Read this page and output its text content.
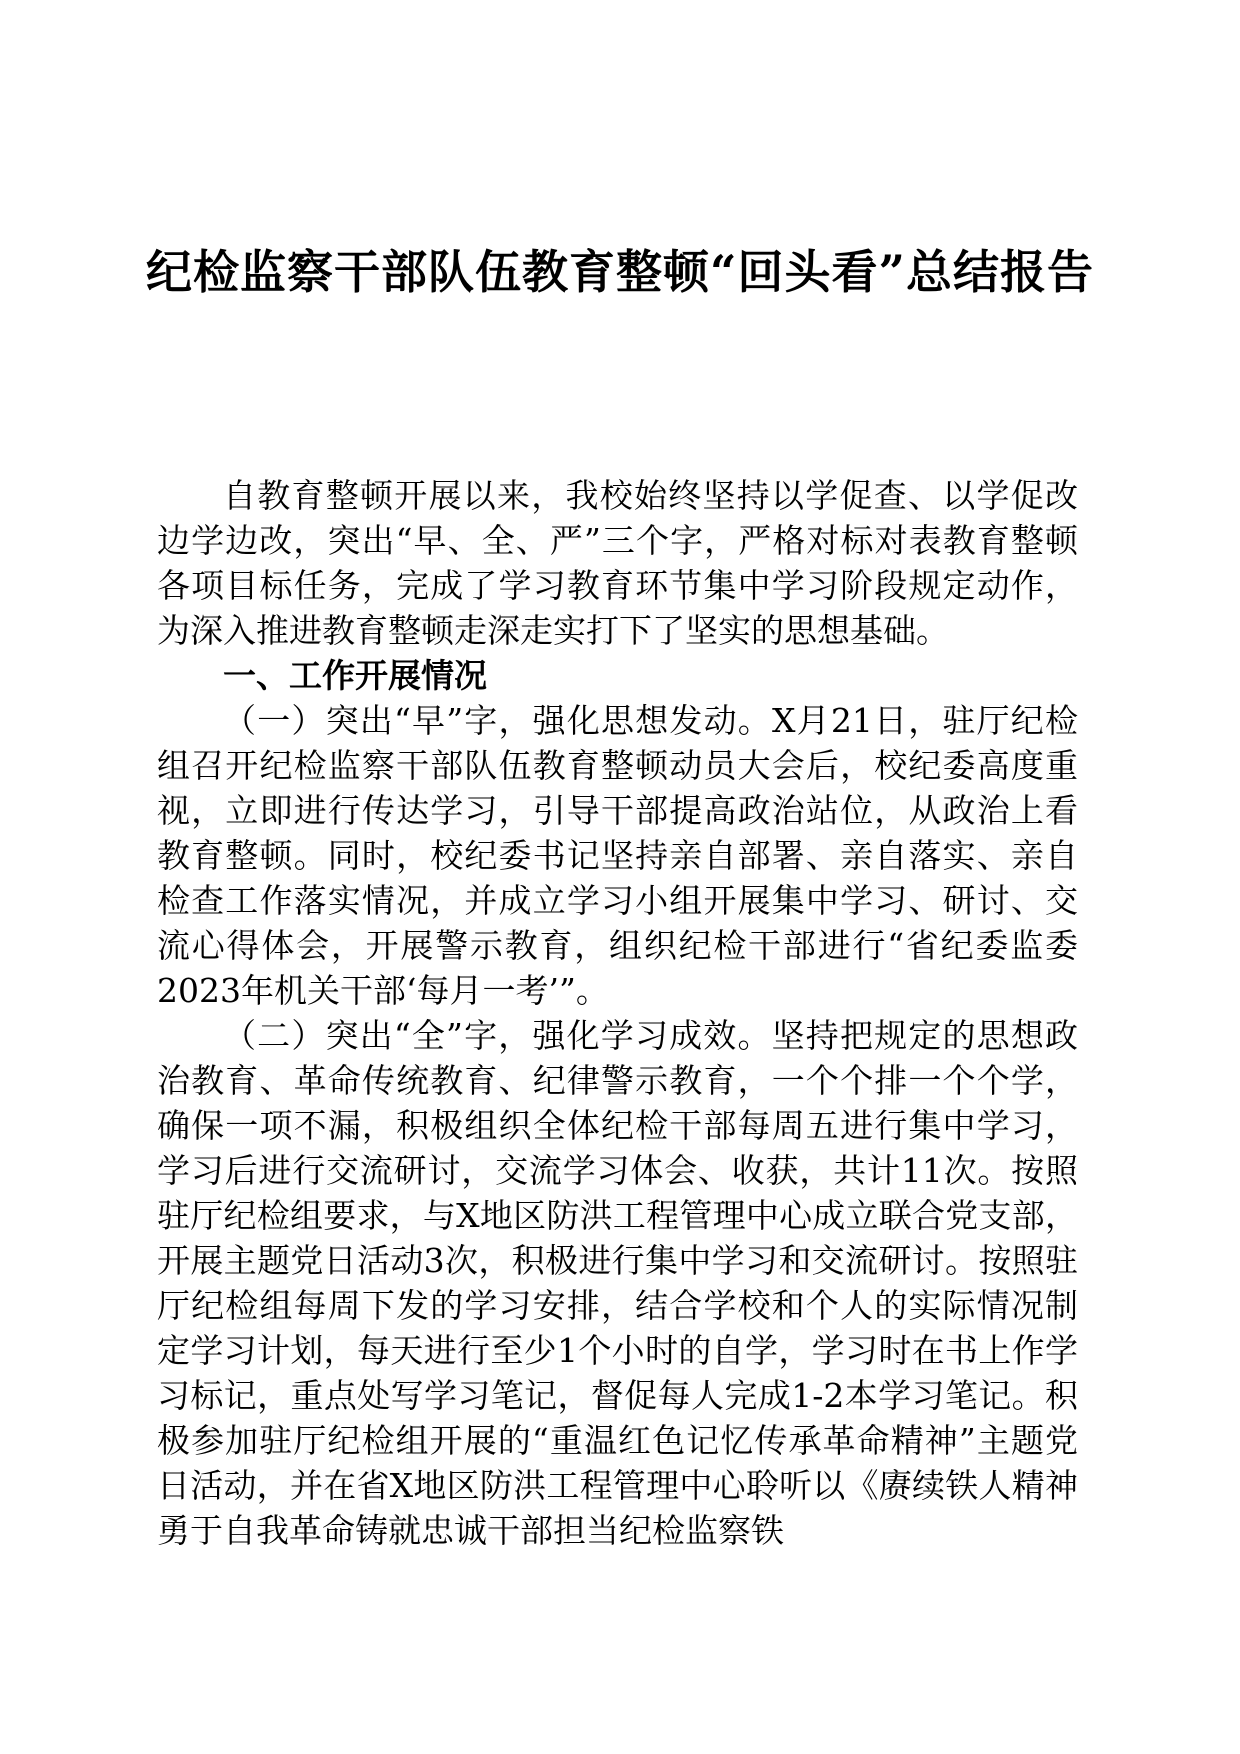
纪检监察干部队伍教育整顿“回头看”总结报告

自教育整顿开展以来，我校始终坚持以学促查、以学促改边学边改，突出“早、全、严”三个字，严格对标对表教育整顿各项目标任务，完成了学习教育环节集中学习阶段规定动作，为深入推进教育整顿走深走实打下了坚实的思想基础。

一、工作开展情况

（一）突出“早”字，强化思想发动。X月21日，驻厅纪检组召开纪检监察干部队伍教育整顿动员大会后，校纪委高度重视，立即进行传达学习，引导干部提高政治站位，从政治上看教育整顿。同时，校纪委书记坚持亲自部署、亲自落实、亲自检查工作落实情况，并成立学习小组开展集中学习、研讨、交流心得体会，开展警示教育，组织纪检干部进行“省纪委监委2023年机关干部‘每月一考’”。

（二）突出“全”字，强化学习成效。坚持把规定的思想政治教育、革命传统教育、纪律警示教育，一个个排一个个学，确保一项不漏，积极组织全体纪检干部每周五进行集中学习，学习后进行交流研讨，交流学习体会、收获，共计11次。按照驻厅纪检组要求，与X地区防洪工程管理中心成立联合党支部，开展主题党日活动3次，积极进行集中学习和交流研讨。按照驻厅纪检组每周下发的学习安排，结合学校和个人的实际情况制定学习计划，每天进行至少1个小时的自学，学习时在书上作学习标记，重点处写学习笔记，督促每人完成1-2本学习笔记。积极参加驻厅纪检组开展的“重温红色记忆传承革命精神”主题党日活动，并在省X地区防洪工程管理中心聆听以《赓续铁人精神勇于自我革命铸就忠诚干部担当纪检监察铁
